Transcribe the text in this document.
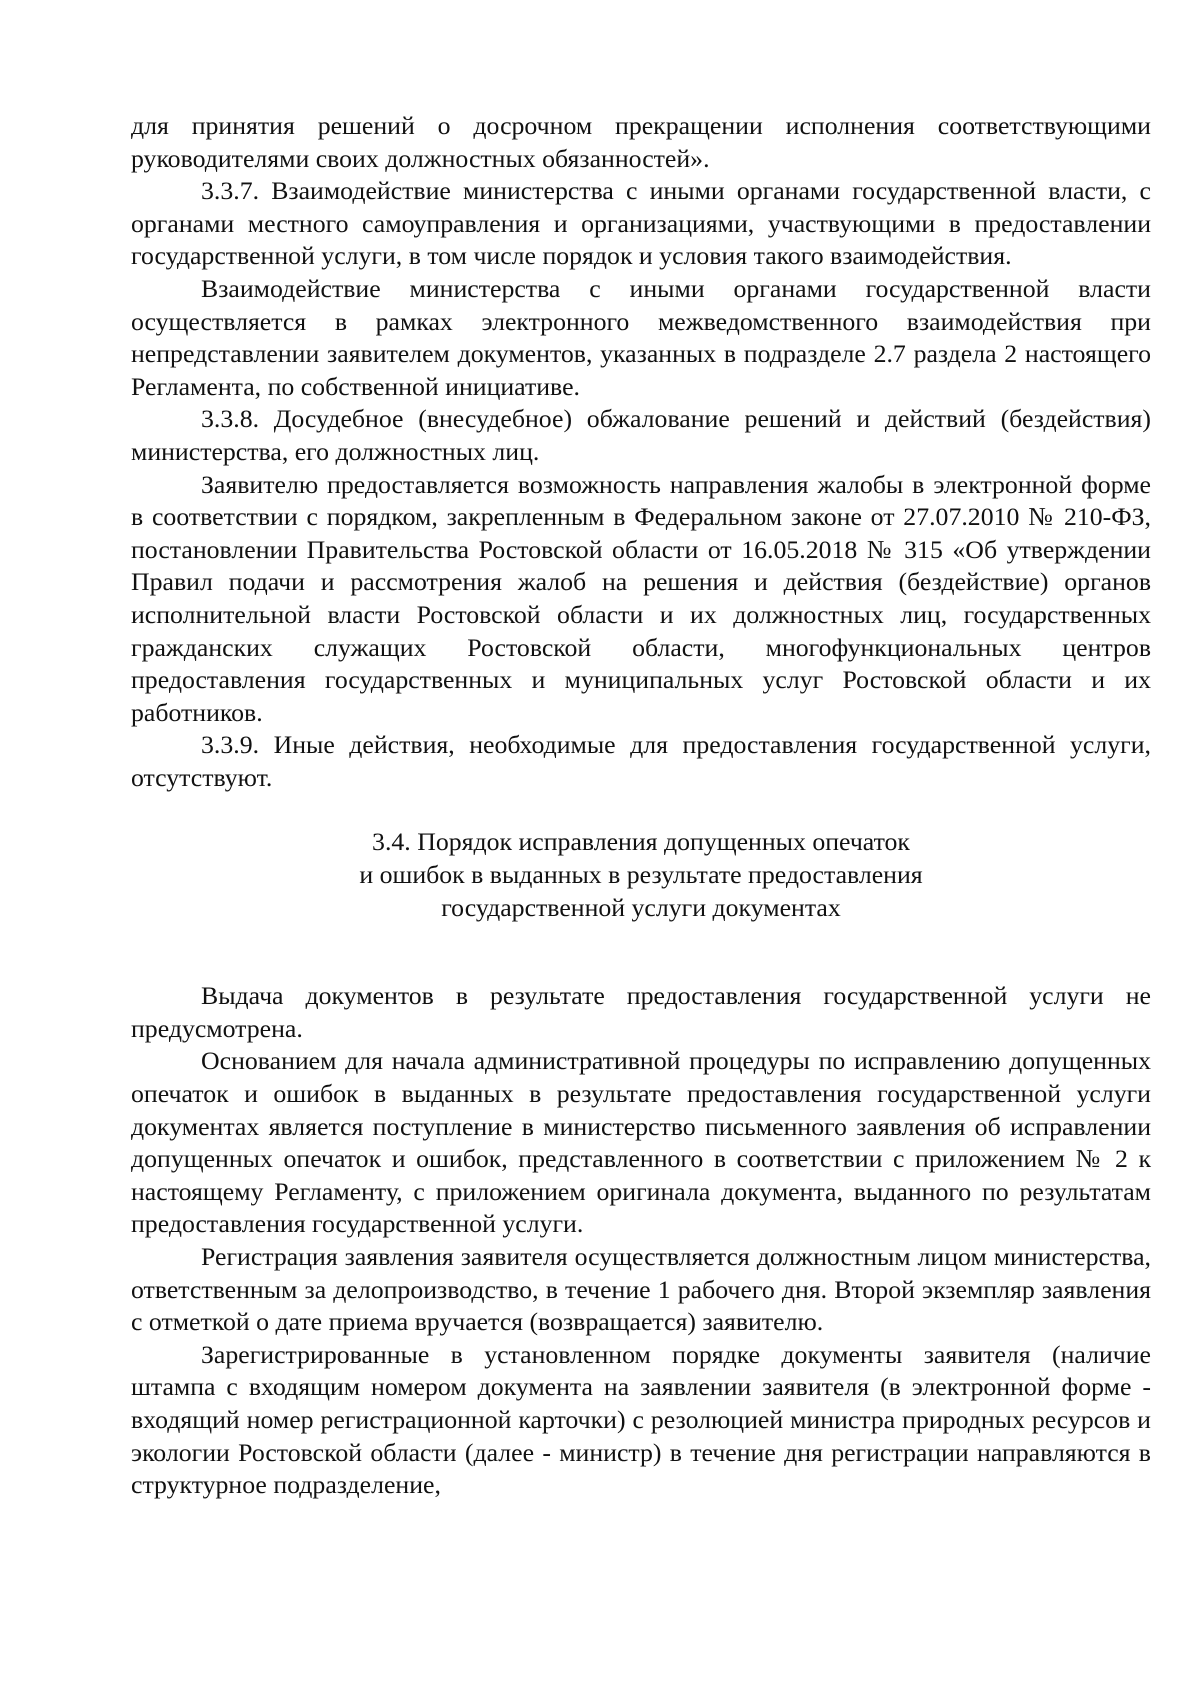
для принятия решений о досрочном прекращении исполнения соответствующими руководителями своих должностных обязанностей».

3.3.7. Взаимодействие министерства с иными органами государственной власти, с органами местного самоуправления и организациями, участвующими в предоставлении государственной услуги, в том числе порядок и условия такого взаимодействия.

Взаимодействие министерства с иными органами государственной власти осуществляется в рамках электронного межведомственного взаимодействия при непредставлении заявителем документов, указанных в подразделе 2.7 раздела 2 настоящего Регламента, по собственной инициативе.

3.3.8. Досудебное (внесудебное) обжалование решений и действий (бездействия) министерства, его должностных лиц.

Заявителю предоставляется возможность направления жалобы в электронной форме в соответствии с порядком, закрепленным в Федеральном законе от 27.07.2010 № 210-ФЗ, постановлении Правительства Ростовской области от 16.05.2018 № 315 «Об утверждении Правил подачи и рассмотрения жалоб на решения и действия (бездействие) органов исполнительной власти Ростовской области и их должностных лиц, государственных гражданских служащих Ростовской области, многофункциональных центров предоставления государственных и муниципальных услуг Ростовской области и их работников.

3.3.9. Иные действия, необходимые для предоставления государственной услуги, отсутствуют.

3.4. Порядок исправления допущенных опечаток
и ошибок в выданных в результате предоставления
государственной услуги документах

Выдача документов в результате предоставления государственной услуги не предусмотрена.

Основанием для начала административной процедуры по исправлению допущенных опечаток и ошибок в выданных в результате предоставления государственной услуги документах является поступление в министерство письменного заявления об исправлении допущенных опечаток и ошибок, представленного в соответствии с приложением № 2 к настоящему Регламенту, с приложением оригинала документа, выданного по результатам предоставления государственной услуги.

Регистрация заявления заявителя осуществляется должностным лицом министерства, ответственным за делопроизводство, в течение 1 рабочего дня. Второй экземпляр заявления с отметкой о дате приема вручается (возвращается) заявителю.

Зарегистрированные в установленном порядке документы заявителя (наличие штампа с входящим номером документа на заявлении заявителя (в электронной форме - входящий номер регистрационной карточки) с резолюцией министра природных ресурсов и экологии Ростовской области (далее - министр) в течение дня регистрации направляются в структурное подразделение,
